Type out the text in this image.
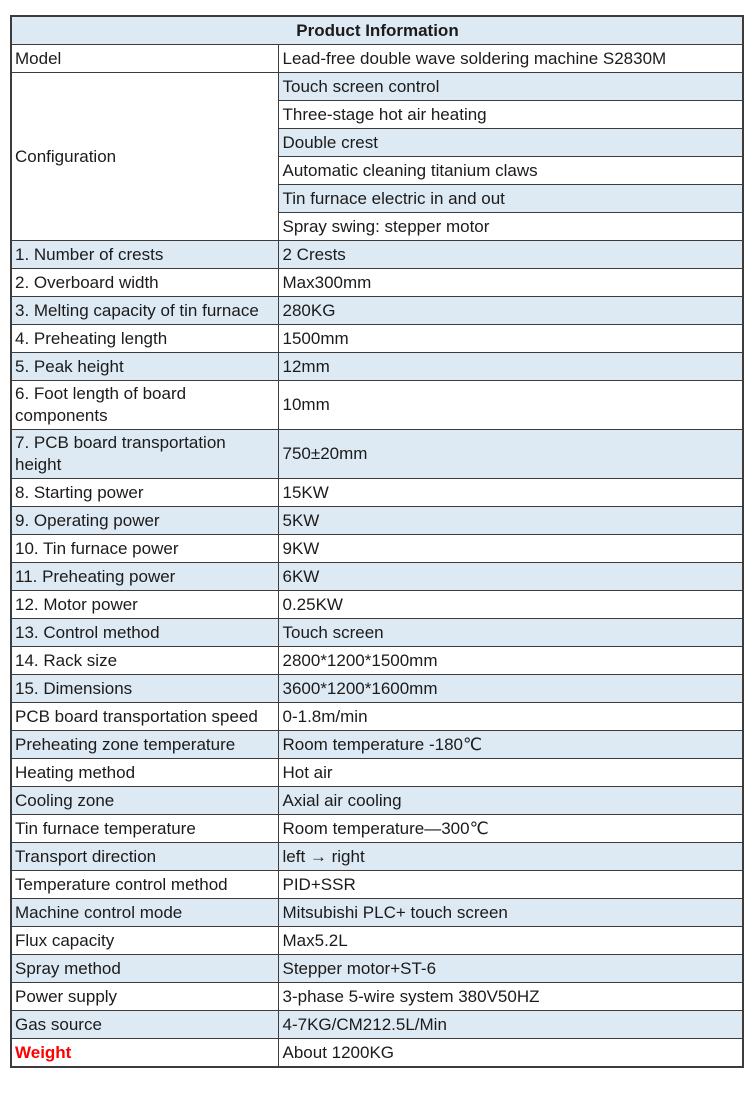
Product Information	
Model	Lead-free double wave soldering machine S2830M
Configuration	Touch screen control
	Three-stage hot air heating
	Double crest
	Automatic cleaning titanium claws
	Tin furnace electric in and out
	Spray swing: stepper motor
1. Number of crests	2 Crests
2. Overboard width	Max300mm
3. Melting capacity of tin furnace	280KG
4. Preheating length	1500mm
5. Peak height	12mm
6. Foot length of board components	10mm
7. PCB board transportation height	750±20mm
8. Starting power	15KW
9. Operating power	5KW
10. Tin furnace power	9KW
11. Preheating power	6KW
12. Motor power	0.25KW
13. Control method	Touch screen
14. Rack size	2800*1200*1500mm
15. Dimensions	3600*1200*1600mm
PCB board transportation speed	0-1.8m/min
Preheating zone temperature	Room temperature -180℃
Heating method	Hot air
Cooling zone	Axial air cooling
Tin furnace temperature	Room temperature—300℃
Transport direction	left → right
Temperature control method	PID+SSR
Machine control mode	Mitsubishi PLC+ touch screen
Flux capacity	Max5.2L
Spray method	Stepper motor+ST-6
Power supply	3-phase 5-wire system 380V50HZ
Gas source	4-7KG/CM212.5L/Min
Weight	About 1200KG
